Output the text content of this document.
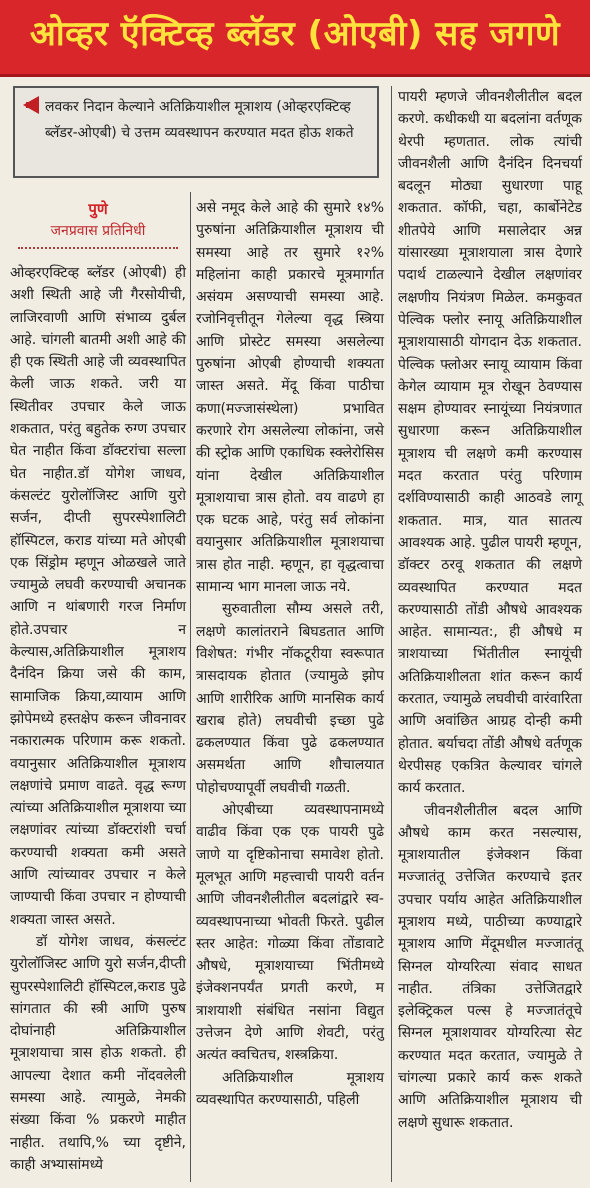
ओव्हर ऍक्टिव्ह ब्लॅडर (ओएबी) सह जगणे
लवकर निदान केल्याने अतिक्रियाशील मूत्राशय (ओव्हरएक्टिव्ह ब्लॅडर-ओएबी) चे उत्तम व्यवस्थापन करण्यात मदत होऊ शकते
पुणे
जनप्रवास प्रतिनिधी

ओव्हरएक्टिव्ह ब्लॅडर (ओएबी) ही अशी स्थिती आहे जी गैरसोयीची, लाजिरवाणी आणि संभाव्य दुर्बल आहे. चांगली बातमी अशी आहे की ही एक स्थिती आहे जी व्यवस्थापित केली जाऊ शकते. जरी या स्थितीवर उपचार केले जाऊ शकतात, परंतु बहुतेक रुग्ण उपचार घेत नाहीत किंवा डॉक्टरांचा सल्ला घेत नाहीत.डॉ योगेश जाधव, कंसल्टंट युरोलॉजिस्ट आणि युरो सर्जन, दीप्ती सुपरस्पेशालिटी हॉस्पिटल, कराड यांच्या मते ओएबी एक सिंड्रोम म्हणून ओळखले जाते ज्यामुळे लघवी करण्याची अचानक आणि न थांबणारी गरज निर्माण होते.उपचार न केल्यास,अतिक्रियाशील मूत्राशय दैनंदिन क्रिया जसे की काम, सामाजिक क्रिया,व्यायाम आणि झोपेमध्ये हस्तक्षेप करून जीवनावर नकारात्मक परिणाम करू शकतो. वयानुसार अतिक्रियाशील मूत्राशय लक्षणांचे प्रमाण वाढते. वृद्ध रूग्ण त्यांच्या अतिक्रियाशील मूत्राशया च्या लक्षणांवर त्यांच्या डॉक्टरांशी चर्चा करण्याची शक्यता कमी असते आणि त्यांच्यावर उपचार न केले जाण्याची किंवा उपचार न होण्याची शक्यता जास्त असते.

डॉ योगेश जाधव, कंसल्टंट युरोलॉजिस्ट आणि युरो सर्जन,दीप्ती सुपरस्पेशालिटी हॉस्पिटल,कराड पुढे सांगतात की स्त्री आणि पुरुष दोघांनाही अतिक्रियाशील मूत्राशयाचा त्रास होऊ शकतो. ही आपल्या देशात कमी नोंदवलेली समस्या आहे. त्यामुळे, नेमकी संख्या किंवा % प्रकरणे माहीत नाहीत. तथापि,% च्या दृष्टीने, काही अभ्यासांमध्ये

असे नमूद केले आहे की सुमारे १४% पुरुषांना अतिक्रियाशील मूत्राशय ची समस्या आहे तर सुमारे १२% महिलांना काही प्रकारचे मूत्रमार्गात असंयम असण्याची समस्या आहे. रजोनिवृत्तीतून गेलेल्या वृद्ध स्त्रिया आणि प्रोस्टेट समस्या असलेल्या पुरुषांना ओएबी होण्याची शक्यता जास्त असते. मेंदू किंवा पाठीचा कणा(मज्जासंस्थेला) प्रभावित करणारे रोग असलेल्या लोकांना, जसे की स्ट्रोक आणि एकाधिक स्क्लेरोसिस यांना देखील अतिक्रियाशील मूत्राशयाचा त्रास होतो. वय वाढणे हा एक घटक आहे, परंतु सर्व लोकांना वयानुसार अतिक्रियाशील मूत्राशयाचा त्रास होत नाही. म्हणून, हा वृद्धत्वाचा सामान्य भाग मानला जाऊ नये.

सुरुवातीला सौम्य असले तरी, लक्षणे कालांतराने बिघडतात आणि विशेषत: गंभीर नॉकटूरीया स्वरूपात त्रासदायक होतात (ज्यामुळे झोप आणि शारीरिक आणि मानसिक कार्य खराब होते) लघवीची इच्छा पुढे ढकलण्यात किंवा पुढे ढकलण्यात असमर्थता आणि शौचालयात पोहोचण्यापूर्वी लघवीची गळती.

ओएबीच्या व्यवस्थापनामध्ये वाढीव किंवा एक एक पायरी पुढे जाणे या दृष्टिकोनाचा समावेश होतो. मूलभूत आणि महत्त्वाची पायरी वर्तन आणि जीवनशैलीतील बदलांद्वारे स्व-व्यवस्थापनाच्या भोवती फिरते. पुढील स्तर आहेत: गोळ्या किंवा तोंडावाटे औषधे, मूत्राशयाच्या भिंतीमध्ये इंजेक्शनपर्यंत प्रगती करणे, म त्राशयाशी संबंधित नसांना विद्युत उत्तेजन देणे आणि शेवटी, परंतु अत्यंत क्वचितच, शस्त्रक्रिया.

अतिक्रियाशील मूत्राशय व्यवस्थापित करण्यासाठी, पहिली

पायरी म्हणजे जीवनशैलीतील बदल करणे. कधीकधी या बदलांना वर्तणूक थेरपी म्हणतात. लोक त्यांची जीवनशैली आणि दैनंदिन दिनचर्या बदलून मोठ्या सुधारणा पाहू शकतात. कॉफी, चहा, कार्बोनेटेड शीतपेये आणि मसालेदार अन्न यांसारख्या मूत्राशयाला त्रास देणारे पदार्थ टाळल्याने देखील लक्षणांवर लक्षणीय नियंत्रण मिळेल. कमकुवत पेल्विक फ्लोर स्नायू अतिक्रियाशील मूत्राशयासाठी योगदान देऊ शकतात. पेल्विक फ्लोअर स्नायू व्यायाम किंवा केगेल व्यायाम मूत्र रोखून ठेवण्यास सक्षम होण्यावर स्नायूंच्या नियंत्रणात सुधारणा करून अतिक्रियाशील मूत्राशय ची लक्षणे कमी करण्यास मदत करतात परंतु परिणाम दर्शविण्यासाठी काही आठवडे लागू शकतात. मात्र, यात सातत्य आवश्यक आहे. पुढील पायरी म्हणून, डॉक्टर ठरवू शकतात की लक्षणे व्यवस्थापित करण्यात मदत करण्यासाठी तोंडी औषधे आवश्यक आहेत. सामान्यत:, ही औषधे म त्राशयाच्या भिंतीतील स्नायूंची अतिक्रियाशीलता शांत करून कार्य करतात, ज्यामुळे लघवीची वारंवारिता आणि अवांछित आग्रह दोन्ही कमी होतात. बर्याचदा तोंडी औषधे वर्तणूक थेरपीसह एकत्रित केल्यावर चांगले कार्य करतात.

जीवनशैलीतील बदल आणि औषधे काम करत नसल्यास, मूत्राशयातील इंजेक्शन किंवा मज्जातंतू उत्तेजित करण्याचे इतर उपचार पर्याय आहेत अतिक्रियाशील मूत्राशय मध्ये, पाठीच्या कण्याद्वारे मूत्राशय आणि मेंदूमधील मज्जातंतू सिग्नल योग्यरित्या संवाद साधत नाहीत. तंत्रिका उत्तेजितद्वारे इलेक्ट्रिकल पल्स हे मज्जातंतूचे सिग्नल मूत्राशयावर योग्यरित्या सेट करण्यात मदत करतात, ज्यामुळे ते चांगल्या प्रकारे कार्य करू शकते आणि अतिक्रियाशील मूत्राशय ची लक्षणे सुधारू शकतात.
